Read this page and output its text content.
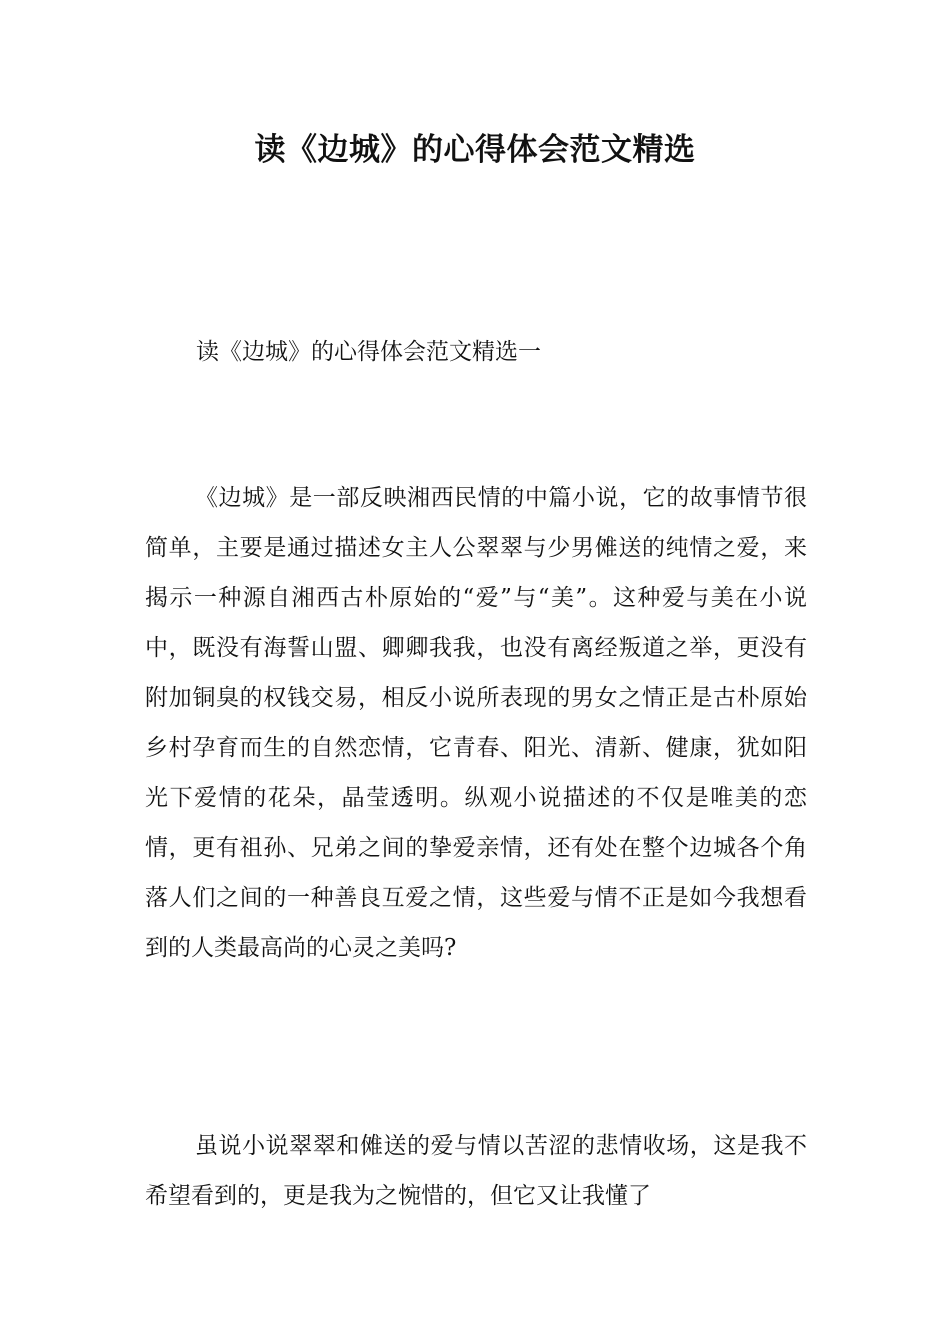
读《边城》的心得体会范文精选
读《边城》的心得体会范文精选一

《边城》是一部反映湘西民情的中篇小说，它的故事情节很简单，主要是通过描述女主人公翠翠与少男傩送的纯情之爱，来揭示一种源自湘西古朴原始的“爱”与“美”。这种爱与美在小说中，既没有海誓山盟、卿卿我我，也没有离经叛道之举，更没有附加铜臭的权钱交易，相反小说所表现的男女之情正是古朴原始乡村孕育而生的自然恋情，它青春、阳光、清新、健康，犹如阳光下爱情的花朵，晶莹透明。纵观小说描述的不仅是唯美的恋情，更有祖孙、兄弟之间的挚爱亲情，还有处在整个边城各个角落人们之间的一种善良互爱之情，这些爱与情不正是如今我想看到的人类最高尚的心灵之美吗?

虽说小说翠翠和傩送的爱与情以苦涩的悲情收场，这是我不希望看到的，更是我为之惋惜的，但它又让我懂了
